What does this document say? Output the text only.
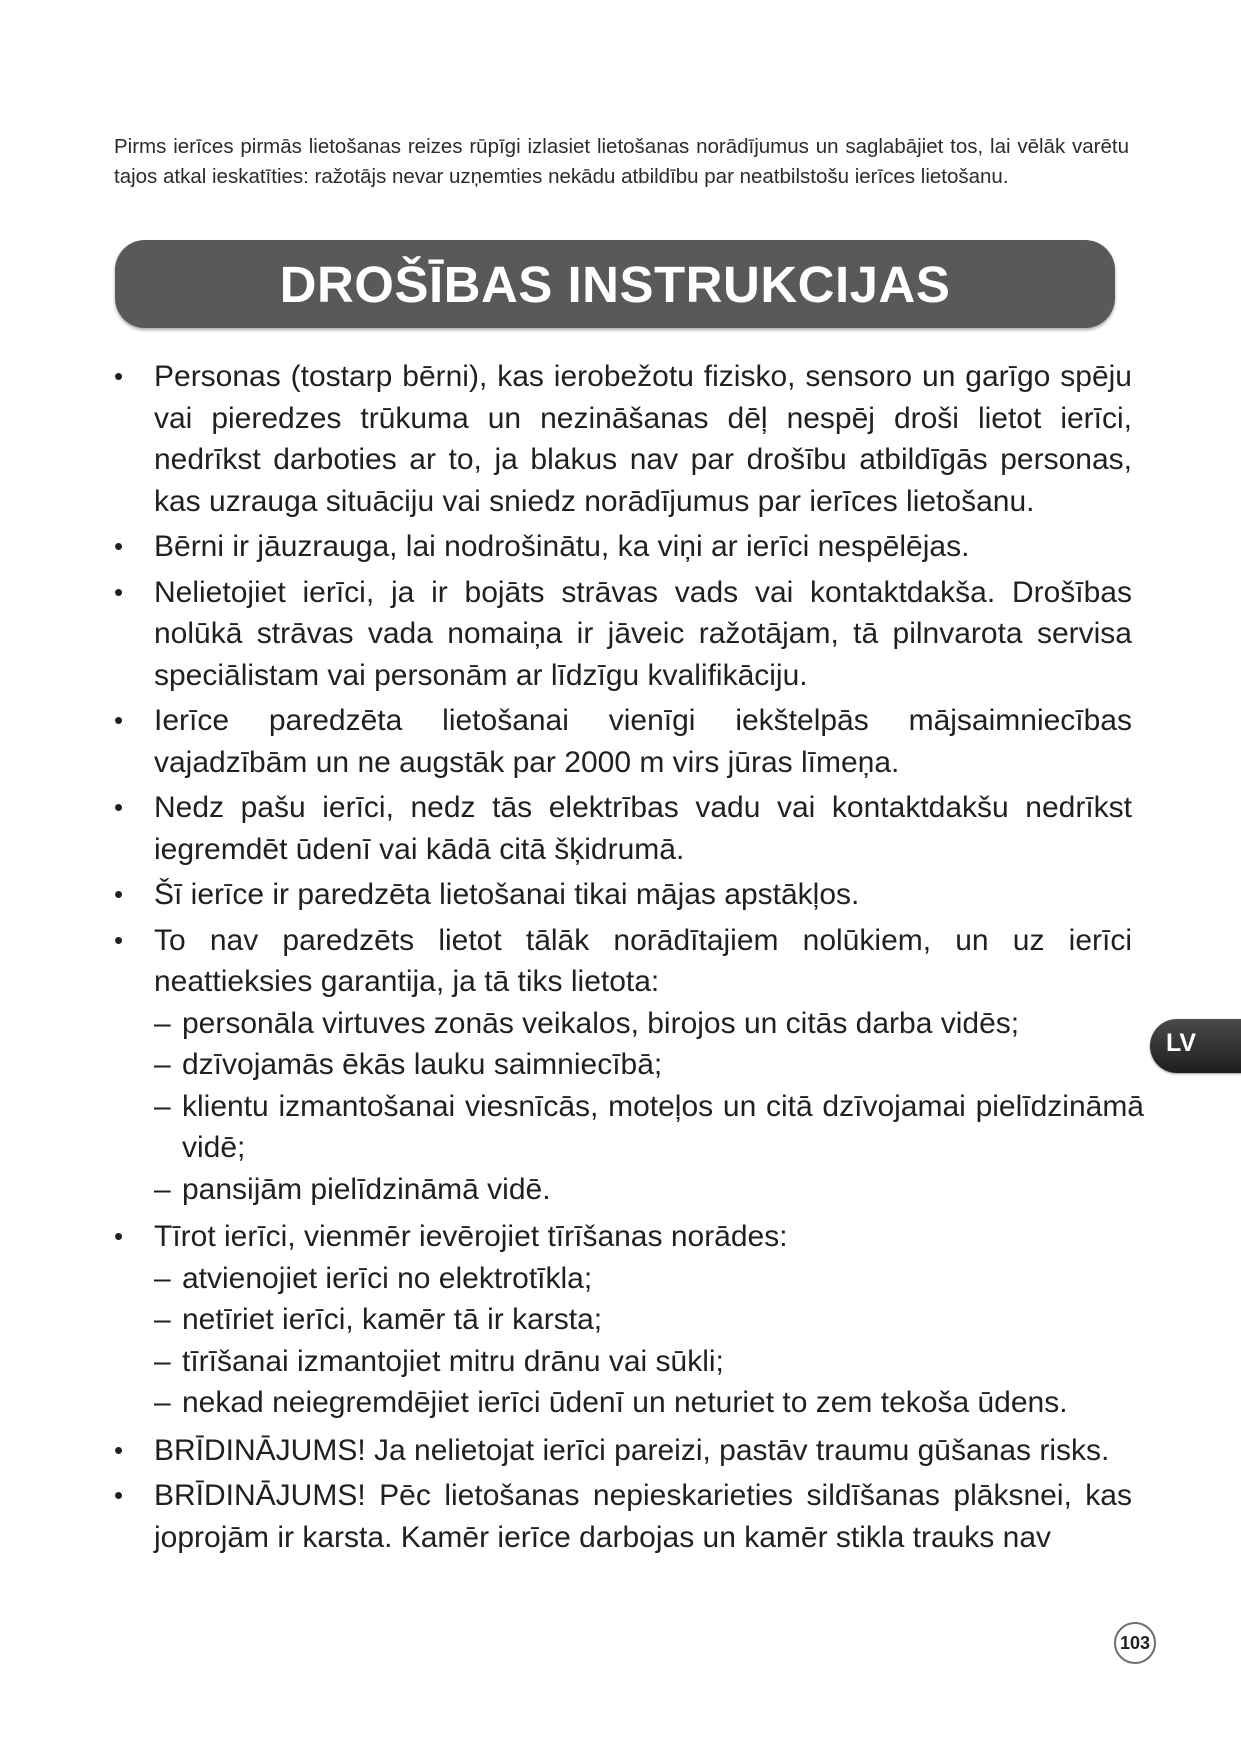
Pirms ierīces pirmās lietošanas reizes rūpīgi izlasiet lietošanas norādījumus un saglabājiet tos, lai vēlāk varētu tajos atkal ieskatīties: ražotājs nevar uzņemties nekādu atbildību par neatbilstošu ierīces lietošanu.

DROŠĪBAS INSTRUKCIJAS
•	Personas (tostarp bērni), kas ierobežotu fizisko, sensoro un garīgo spēju vai pieredzes trūkuma un nezināšanas dēļ nespēj droši lietot ierīci, nedrīkst darboties ar to, ja blakus nav par drošību atbildīgās personas, kas uzrauga situāciju vai sniedz norādījumus par ierīces lietošanu.
•	Bērni ir jāuzrauga, lai nodrošinātu, ka viņi ar ierīci nespēlējas.
•	Nelietojiet ierīci, ja ir bojāts strāvas vads vai kontaktdakša. Drošības nolūkā strāvas vada nomaiņa ir jāveic ražotājam, tā pilnvarota servisa speciālistam vai personām ar līdzīgu kvalifikāciju.
•	Ierīce paredzēta lietošanai vienīgi iekštelpās mājsaimniecības vajadzībām un ne augstāk par 2000 m virs jūras līmeņa.
•	Nedz pašu ierīci, nedz tās elektrības vadu vai kontaktdakšu nedrīkst iegremdēt ūdenī vai kādā citā šķidrumā.
•	Šī ierīce ir paredzēta lietošanai tikai mājas apstākļos.
•	To nav paredzēts lietot tālāk norādītajiem nolūkiem, un uz ierīci neattieksies garantija, ja tā tiks lietota:
– personāla virtuves zonās veikalos, birojos un citās darba vidēs;
– dzīvojamās ēkās lauku saimniecībā;
– klientu izmantošanai viesnīcās, moteļos un citā dzīvojamai pielīdzināmā vidē;
– pansijām pielīdzināmā vidē.
•	Tīrot ierīci, vienmēr ievērojiet tīrīšanas norādes:
– atvienojiet ierīci no elektrotīkla;
– netīriet ierīci, kamēr tā ir karsta;
– tīrīšanai izmantojiet mitru drānu vai sūkli;
– nekad neiegremdējiet ierīci ūdenī un neturiet to zem tekoša ūdens.
•	BRĪDINĀJUMS! Ja nelietojat ierīci pareizi, pastāv traumu gūšanas risks.
•	BRĪDINĀJUMS! Pēc lietošanas nepieskarieties sildīšanas plāksnei, kas joprojām ir karsta. Kamēr ierīce darbojas un kamēr stikla trauks nav
LV
103
